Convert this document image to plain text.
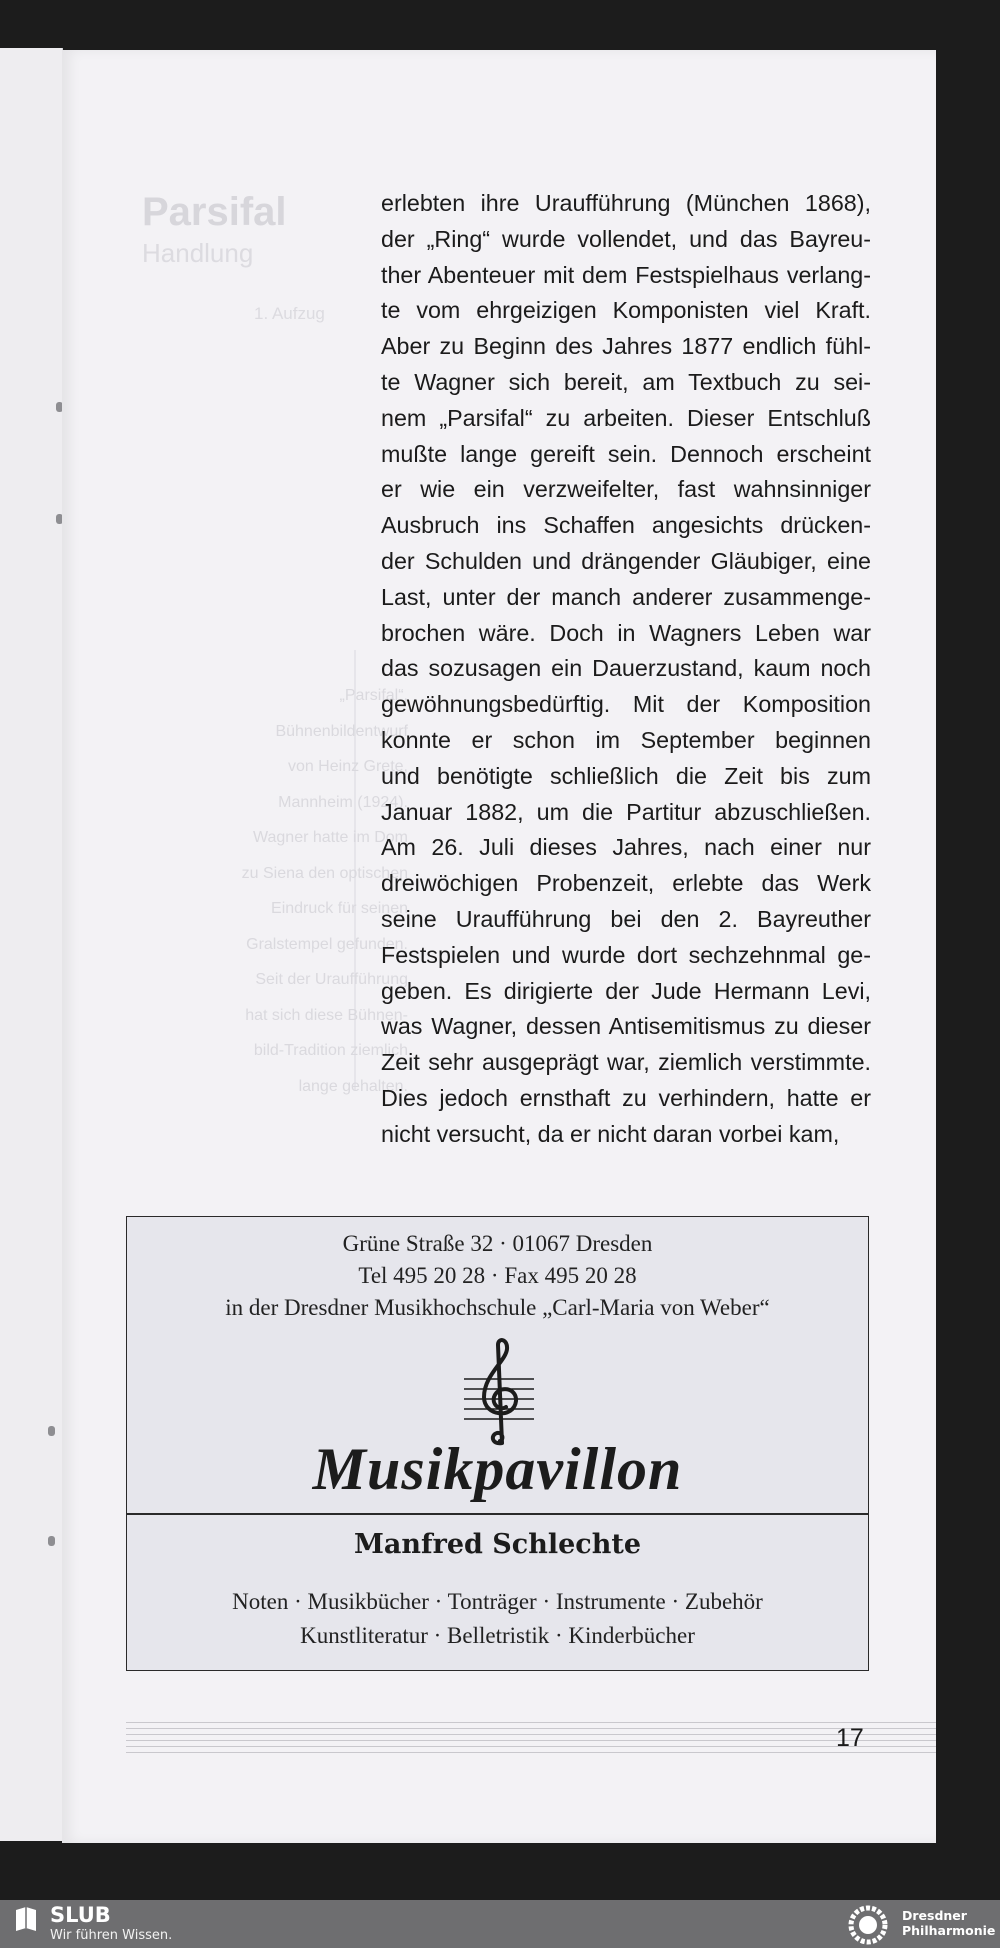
Parsifal
Handlung
1. Aufzug
„Parsifal“,
Bühnenbildentwurf
von Heinz Grete,
Mannheim (1924).
Wagner hatte im Dom
zu Siena den optischen
Eindruck für seinen
Gralstempel gefunden.
Seit der Uraufführung
hat sich diese Bühnen-
bild-Tradition ziemlich
lange gehalten.
erlebten ihre Uraufführung (München 1868),
der „Ring“ wurde vollendet, und das Bayreu-
ther Abenteuer mit dem Festspielhaus verlang-
te vom ehrgeizigen Komponisten viel Kraft.
Aber zu Beginn des Jahres 1877 endlich fühl-
te Wagner sich bereit, am Textbuch zu sei-
nem „Parsifal“ zu arbeiten. Dieser Entschluß
mußte lange gereift sein. Dennoch erscheint
er wie ein verzweifelter, fast wahnsinniger
Ausbruch ins Schaffen angesichts drücken-
der Schulden und drängender Gläubiger, eine
Last, unter der manch anderer zusammenge-
brochen wäre. Doch in Wagners Leben war
das sozusagen ein Dauerzustand, kaum noch
gewöhnungsbedürftig. Mit der Komposition
konnte er schon im September beginnen
und benötigte schließlich die Zeit bis zum
Januar 1882, um die Partitur abzuschließen.
Am 26. Juli dieses Jahres, nach einer nur
dreiwöchigen Probenzeit, erlebte das Werk
seine Uraufführung bei den 2. Bayreuther
Festspielen und wurde dort sechzehnmal ge-
geben. Es dirigierte der Jude Hermann Levi,
was Wagner, dessen Antisemitismus zu dieser
Zeit sehr ausgeprägt war, ziemlich verstimmte.
Dies jedoch ernsthaft zu verhindern, hatte er
nicht versucht, da er nicht daran vorbei kam,
Grüne Straße 32 · 01067 Dresden
Tel 495 20 28 · Fax 495 20 28
in der Dresdner Musikhochschule „Carl-Maria von Weber“
Musikpavillon
Manfred Schlechte
Noten · Musikbücher · Tonträger · Instrumente · Zubehör
Kunstliteratur · Belletristik · Kinderbücher
17
SLUB
Wir führen Wissen.
Dresdner
Philharmonie
